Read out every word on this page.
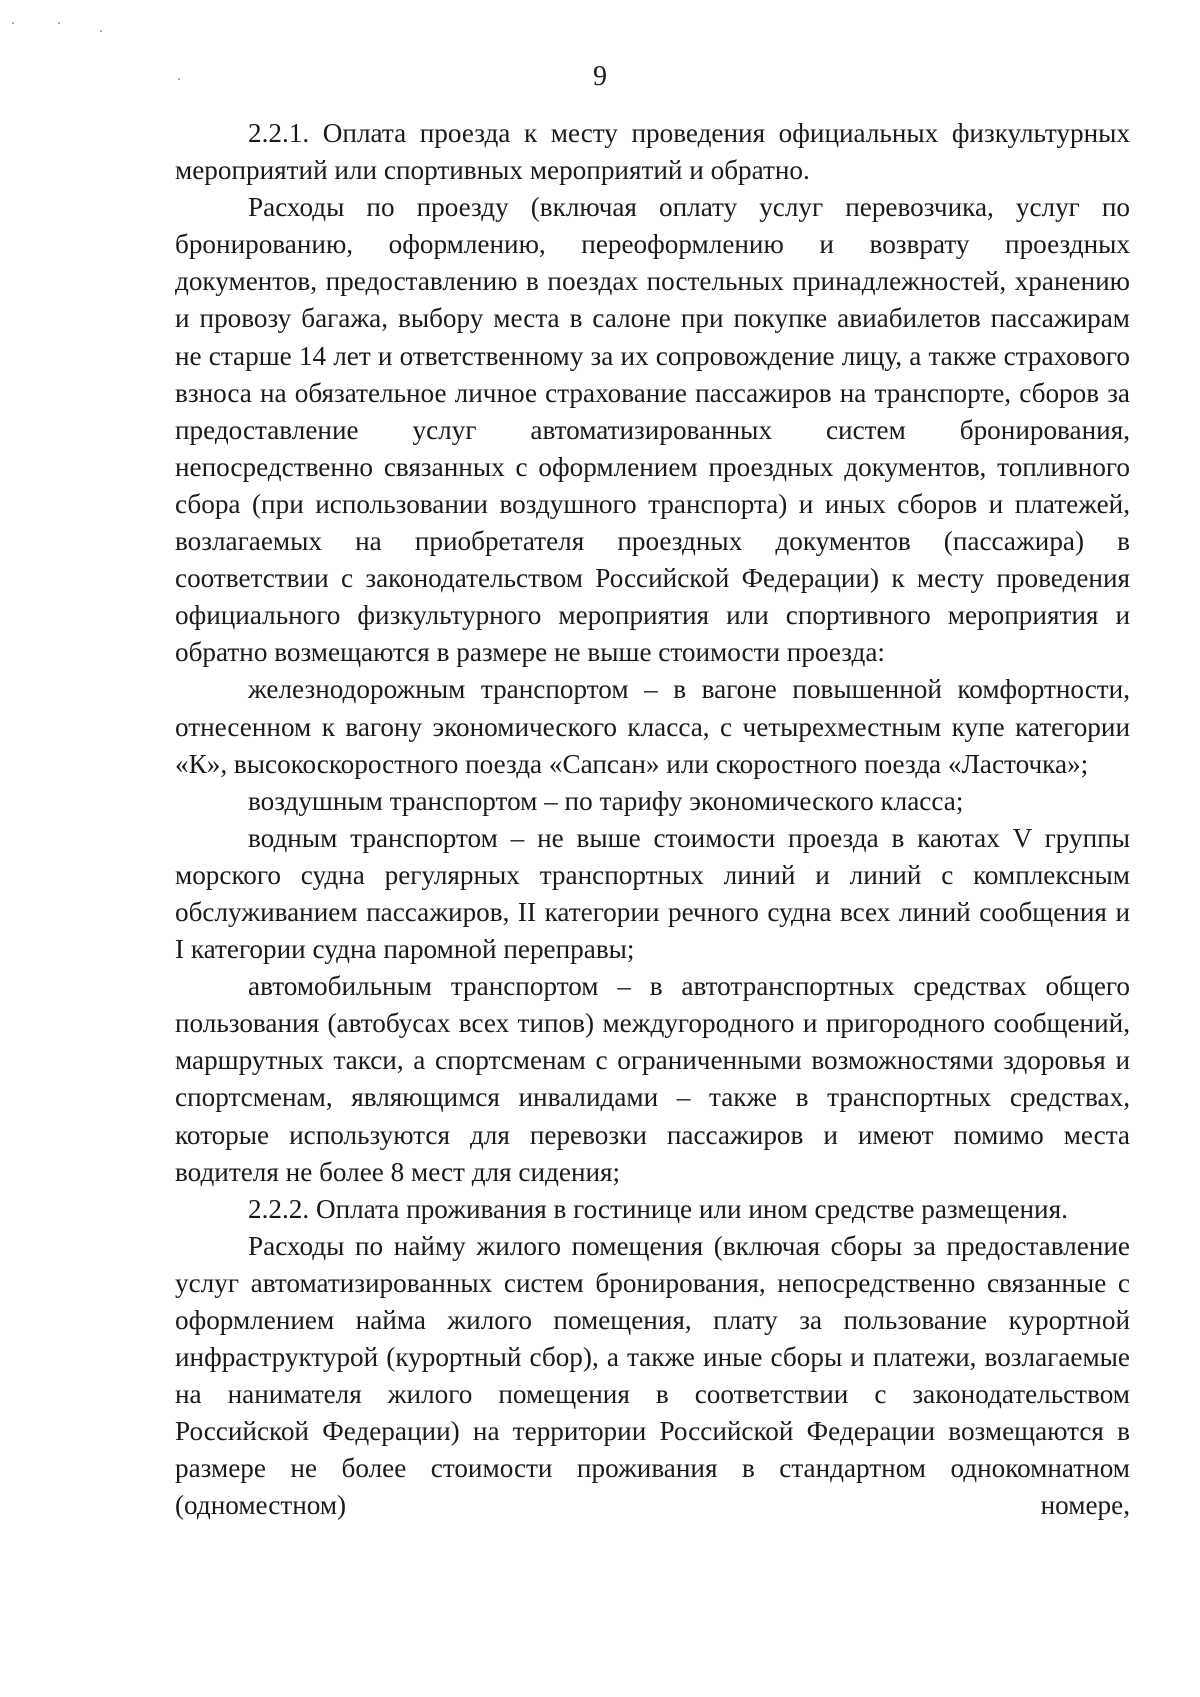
9

2.2.1. Оплата проезда к месту проведения официальных физкультурных мероприятий или спортивных мероприятий и обратно.

Расходы по проезду (включая оплату услуг перевозчика, услуг по бронированию, оформлению, переоформлению и возврату проездных документов, предоставлению в поездах постельных принадлежностей, хранению и провозу багажа, выбору места в салоне при покупке авиабилетов пассажирам не старше 14 лет и ответственному за их сопровождение лицу, а также страхового взноса на обязательное личное страхование пассажиров на транспорте, сборов за предоставление услуг автоматизированных систем бронирования, непосредственно связанных с оформлением проездных документов, топливного сбора (при использовании воздушного транспорта) и иных сборов и платежей, возлагаемых на приобретателя проездных документов (пассажира) в соответствии с законодательством Российской Федерации) к месту проведения официального физкультурного мероприятия или спортивного мероприятия и обратно возмещаются в размере не выше стоимости проезда:

железнодорожным транспортом – в вагоне повышенной комфортности, отнесенном к вагону экономического класса, с четырехместным купе категории «К», высокоскоростного поезда «Сапсан» или скоростного поезда «Ласточка»;

воздушным транспортом – по тарифу экономического класса;

водным транспортом – не выше стоимости проезда в каютах V группы морского судна регулярных транспортных линий и линий с комплексным обслуживанием пассажиров, II категории речного судна всех линий сообщения и I категории судна паромной переправы;

автомобильным транспортом – в автотранспортных средствах общего пользования (автобусах всех типов) междугородного и пригородного сообщений, маршрутных такси, а спортсменам с ограниченными возможностями здоровья и спортсменам, являющимся инвалидами – также в транспортных средствах, которые используются для перевозки пассажиров и имеют помимо места водителя не более 8 мест для сидения;

2.2.2. Оплата проживания в гостинице или ином средстве размещения.

Расходы по найму жилого помещения (включая сборы за предоставление услуг автоматизированных систем бронирования, непосредственно связанные с оформлением найма жилого помещения, плату за пользование курортной инфраструктурой (курортный сбор), а также иные сборы и платежи, возлагаемые на нанимателя жилого помещения в соответствии с законодательством Российской Федерации) на территории Российской Федерации возмещаются в размере не более стоимости проживания в стандартном однокомнатном (одноместном) номере,
